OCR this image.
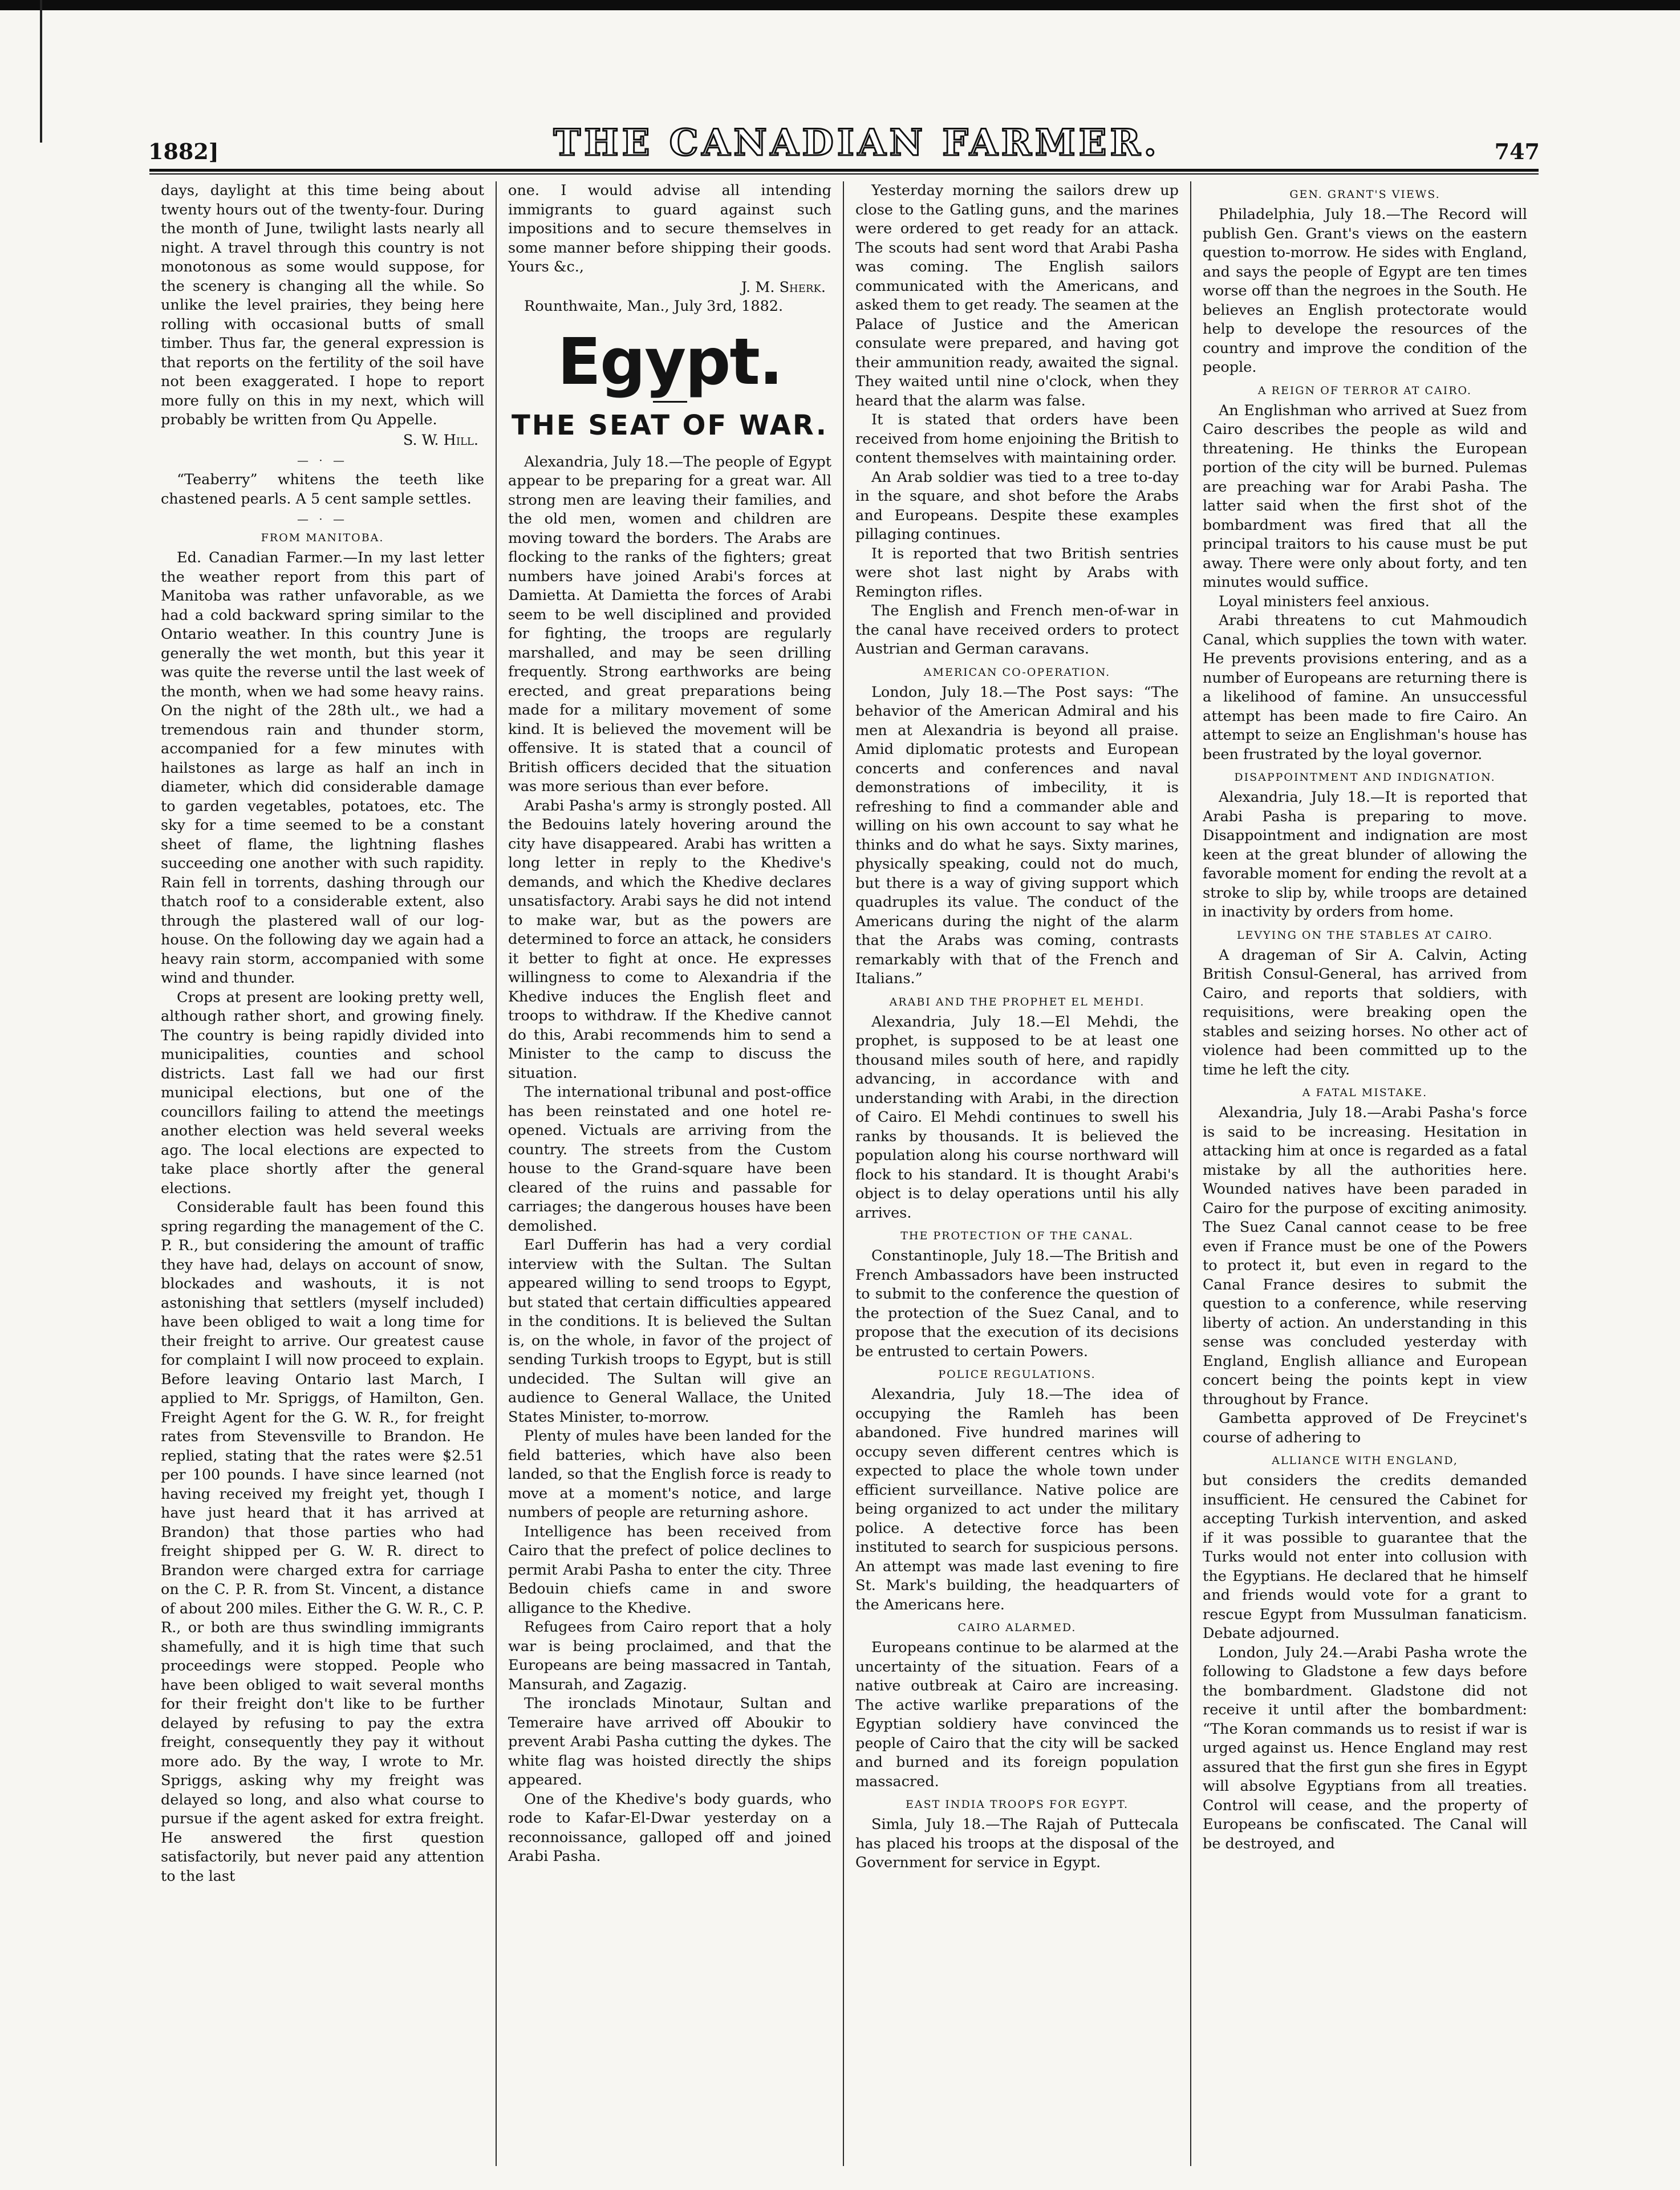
1882]	THE CANADIAN FARMER.	747

days, daylight at this time being about twenty hours out of the twenty-four. During the month of June, twilight lasts nearly all night. A travel through this country is not monotonous as some would suppose, for the scenery is changing all the while. So unlike the level prairies, they being here rolling with occasional butts of small timber. Thus far, the general expression is that reports on the fertility of the soil have not been exaggerated. I hope to report more fully on this in my next, which will probably be written from Qu Appelle.

S. W. Hill.
— · —

“Teaberry” whitens the teeth like chastened pearls. A 5 cent sample settles.

— · —
FROM MANITOBA.

Ed. Canadian Farmer.—In my last letter the weather report from this part of Manitoba was rather unfavorable, as we had a cold backward spring similar to the Ontario weather. In this country June is generally the wet month, but this year it was quite the reverse until the last week of the month, when we had some heavy rains. On the night of the 28th ult., we had a tremendous rain and thunder storm, accompanied for a few minutes with hailstones as large as half an inch in diameter, which did considerable damage to garden vegetables, potatoes, etc. The sky for a time seemed to be a constant sheet of flame, the lightning flashes succeeding one another with such rapidity. Rain fell in torrents, dashing through our thatch roof to a considerable extent, also through the plastered wall of our log-house. On the following day we again had a heavy rain storm, accompanied with some wind and thunder.

Crops at present are looking pretty well, although rather short, and growing finely. The country is being rapidly divided into municipalities, counties and school districts. Last fall we had our first municipal elections, but one of the councillors failing to attend the meetings another election was held several weeks ago. The local elections are expected to take place shortly after the general elections.

Considerable fault has been found this spring regarding the management of the C. P. R., but considering the amount of traffic they have had, delays on account of snow, blockades and washouts, it is not astonishing that settlers (myself included) have been obliged to wait a long time for their freight to arrive. Our greatest cause for complaint I will now proceed to explain. Before leaving Ontario last March, I applied to Mr. Spriggs, of Hamilton, Gen. Freight Agent for the G. W. R., for freight rates from Stevensville to Brandon. He replied, stating that the rates were $2.51 per 100 pounds. I have since learned (not having received my freight yet, though I have just heard that it has arrived at Brandon) that those parties who had freight shipped per G. W. R. direct to Brandon were charged extra for carriage on the C. P. R. from St. Vincent, a distance of about 200 miles. Either the G. W. R., C. P. R., or both are thus swindling immigrants shamefully, and it is high time that such proceedings were stopped. People who have been obliged to wait several months for their freight don't like to be further delayed by refusing to pay the extra freight, consequently they pay it without more ado. By the way, I wrote to Mr. Spriggs, asking why my freight was delayed so long, and also what course to pursue if the agent asked for extra freight. He answered the first question satisfactorily, but never paid any attention to the last

one. I would advise all intending immigrants to guard against such impositions and to secure themselves in some manner before shipping their goods. Yours &c.,

J. M. Sherk.

Rounthwaite, Man., July 3rd, 1882.

Egypt.
THE SEAT OF WAR.

Alexandria, July 18.—The people of Egypt appear to be preparing for a great war. All strong men are leaving their families, and the old men, women and children are moving toward the borders. The Arabs are flocking to the ranks of the fighters; great numbers have joined Arabi's forces at Damietta. At Damietta the forces of Arabi seem to be well disciplined and provided for fighting, the troops are regularly marshalled, and may be seen drilling frequently. Strong earthworks are being erected, and great preparations being made for a military movement of some kind. It is believed the movement will be offensive. It is stated that a council of British officers decided that the situation was more serious than ever before.

Arabi Pasha's army is strongly posted. All the Bedouins lately hovering around the city have disappeared. Arabi has written a long letter in reply to the Khedive's demands, and which the Khedive declares unsatisfactory. Arabi says he did not intend to make war, but as the powers are determined to force an attack, he considers it better to fight at once. He expresses willingness to come to Alexandria if the Khedive induces the English fleet and troops to withdraw. If the Khedive cannot do this, Arabi recommends him to send a Minister to the camp to discuss the situation.

The international tribunal and post-office has been reinstated and one hotel re-opened. Victuals are arriving from the country. The streets from the Custom house to the Grand-square have been cleared of the ruins and passable for carriages; the dangerous houses have been demolished.

Earl Dufferin has had a very cordial interview with the Sultan. The Sultan appeared willing to send troops to Egypt, but stated that certain difficulties appeared in the conditions. It is believed the Sultan is, on the whole, in favor of the project of sending Turkish troops to Egypt, but is still undecided. The Sultan will give an audience to General Wallace, the United States Minister, to-morrow.

Plenty of mules have been landed for the field batteries, which have also been landed, so that the English force is ready to move at a moment's notice, and large numbers of people are returning ashore.

Intelligence has been received from Cairo that the prefect of police declines to permit Arabi Pasha to enter the city. Three Bedouin chiefs came in and swore alligance to the Khedive.

Refugees from Cairo report that a holy war is being proclaimed, and that the Europeans are being massacred in Tantah, Mansurah, and Zagazig.

The ironclads Minotaur, Sultan and Temeraire have arrived off Aboukir to prevent Arabi Pasha cutting the dykes. The white flag was hoisted directly the ships appeared.

One of the Khedive's body guards, who rode to Kafar-El-Dwar yesterday on a reconnoissance, galloped off and joined Arabi Pasha.

Yesterday morning the sailors drew up close to the Gatling guns, and the marines were ordered to get ready for an attack. The scouts had sent word that Arabi Pasha was coming. The English sailors communicated with the Americans, and asked them to get ready. The seamen at the Palace of Justice and the American consulate were prepared, and having got their ammunition ready, awaited the signal. They waited until nine o'clock, when they heard that the alarm was false.

It is stated that orders have been received from home enjoining the British to content themselves with maintaining order.

An Arab soldier was tied to a tree to-day in the square, and shot before the Arabs and Europeans. Despite these examples pillaging continues.

It is reported that two British sentries were shot last night by Arabs with Remington rifles.

The English and French men-of-war in the canal have received orders to protect Austrian and German caravans.

AMERICAN CO-OPERATION.

London, July 18.—The Post says: “The behavior of the American Admiral and his men at Alexandria is beyond all praise. Amid diplomatic protests and European concerts and conferences and naval demonstrations of imbecility, it is refreshing to find a commander able and willing on his own account to say what he thinks and do what he says. Sixty marines, physically speaking, could not do much, but there is a way of giving support which quadruples its value. The conduct of the Americans during the night of the alarm that the Arabs was coming, contrasts remarkably with that of the French and Italians.”

ARABI AND THE PROPHET EL MEHDI.

Alexandria, July 18.—El Mehdi, the prophet, is supposed to be at least one thousand miles south of here, and rapidly advancing, in accordance with and understanding with Arabi, in the direction of Cairo. El Mehdi continues to swell his ranks by thousands. It is believed the population along his course northward will flock to his standard. It is thought Arabi's object is to delay operations until his ally arrives.

THE PROTECTION OF THE CANAL.

Constantinople, July 18.—The British and French Ambassadors have been instructed to submit to the conference the question of the protection of the Suez Canal, and to propose that the execution of its decisions be entrusted to certain Powers.

POLICE REGULATIONS.

Alexandria, July 18.—The idea of occupying the Ramleh has been abandoned. Five hundred marines will occupy seven different centres which is expected to place the whole town under efficient surveillance. Native police are being organized to act under the military police. A detective force has been instituted to search for suspicious persons. An attempt was made last evening to fire St. Mark's building, the headquarters of the Americans here.

CAIRO ALARMED.

Europeans continue to be alarmed at the uncertainty of the situation. Fears of a native outbreak at Cairo are increasing. The active warlike preparations of the Egyptian soldiery have convinced the people of Cairo that the city will be sacked and burned and its foreign population massacred.

EAST INDIA TROOPS FOR EGYPT.

Simla, July 18.—The Rajah of Puttecala has placed his troops at the disposal of the Government for service in Egypt.

GEN. GRANT'S VIEWS.

Philadelphia, July 18.—The Record will publish Gen. Grant's views on the eastern question to-morrow. He sides with England, and says the people of Egypt are ten times worse off than the negroes in the South. He believes an English protectorate would help to develope the resources of the country and improve the condition of the people.

A REIGN OF TERROR AT CAIRO.

An Englishman who arrived at Suez from Cairo describes the people as wild and threatening. He thinks the European portion of the city will be burned. Pulemas are preaching war for Arabi Pasha. The latter said when the first shot of the bombardment was fired that all the principal traitors to his cause must be put away. There were only about forty, and ten minutes would suffice.

Loyal ministers feel anxious.

Arabi threatens to cut Mahmoudich Canal, which supplies the town with water. He prevents provisions entering, and as a number of Europeans are returning there is a likelihood of famine. An unsuccessful attempt has been made to fire Cairo. An attempt to seize an Englishman's house has been frustrated by the loyal governor.

DISAPPOINTMENT AND INDIGNATION.

Alexandria, July 18.—It is reported that Arabi Pasha is preparing to move. Disappointment and indignation are most keen at the great blunder of allowing the favorable moment for ending the revolt at a stroke to slip by, while troops are detained in inactivity by orders from home.

LEVYING ON THE STABLES AT CAIRO.

A drageman of Sir A. Calvin, Acting British Consul-General, has arrived from Cairo, and reports that soldiers, with requisitions, were breaking open the stables and seizing horses. No other act of violence had been committed up to the time he left the city.

A FATAL MISTAKE.

Alexandria, July 18.—Arabi Pasha's force is said to be increasing. Hesitation in attacking him at once is regarded as a fatal mistake by all the authorities here. Wounded natives have been paraded in Cairo for the purpose of exciting animosity. The Suez Canal cannot cease to be free even if France must be one of the Powers to protect it, but even in regard to the Canal France desires to submit the question to a conference, while reserving liberty of action. An understanding in this sense was concluded yesterday with England, English alliance and European concert being the points kept in view throughout by France.

Gambetta approved of De Freycinet's course of adhering to

ALLIANCE WITH ENGLAND,

but considers the credits demanded insufficient. He censured the Cabinet for accepting Turkish intervention, and asked if it was possible to guarantee that the Turks would not enter into collusion with the Egyptians. He declared that he himself and friends would vote for a grant to rescue Egypt from Mussulman fanaticism. Debate adjourned.

London, July 24.—Arabi Pasha wrote the following to Gladstone a few days before the bombardment. Gladstone did not receive it until after the bombardment: “The Koran commands us to resist if war is urged against us. Hence England may rest assured that the first gun she fires in Egypt will absolve Egyptians from all treaties. Control will cease, and the property of Europeans be confiscated. The Canal will be destroyed, and
